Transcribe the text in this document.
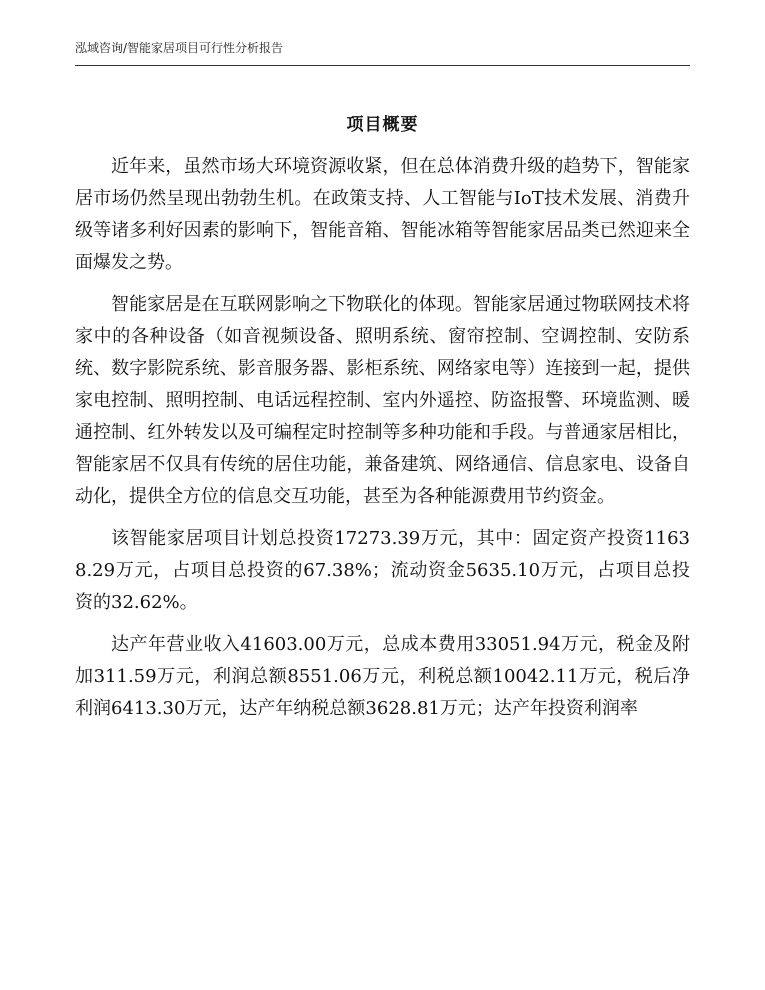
泓域咨询/智能家居项目可行性分析报告
项目概要

近年来，虽然市场大环境资源收紧，但在总体消费升级的趋势下，智能家居市场仍然呈现出勃勃生机。在政策支持、人工智能与IoT技术发展、消费升级等诸多利好因素的影响下，智能音箱、智能冰箱等智能家居品类已然迎来全面爆发之势。

智能家居是在互联网影响之下物联化的体现。智能家居通过物联网技术将家中的各种设备（如音视频设备、照明系统、窗帘控制、空调控制、安防系统、数字影院系统、影音服务器、影柜系统、网络家电等）连接到一起，提供家电控制、照明控制、电话远程控制、室内外遥控、防盗报警、环境监测、暖通控制、红外转发以及可编程定时控制等多种功能和手段。与普通家居相比，智能家居不仅具有传统的居住功能，兼备建筑、网络通信、信息家电、设备自动化，提供全方位的信息交互功能，甚至为各种能源费用节约资金。

该智能家居项目计划总投资17273.39万元，其中：固定资产投资11638.29万元，占项目总投资的67.38%；流动资金5635.10万元，占项目总投资的32.62%。

达产年营业收入41603.00万元，总成本费用33051.94万元，税金及附加311.59万元，利润总额8551.06万元，利税总额10042.11万元，税后净利润6413.30万元，达产年纳税总额3628.81万元；达产年投资利润率
